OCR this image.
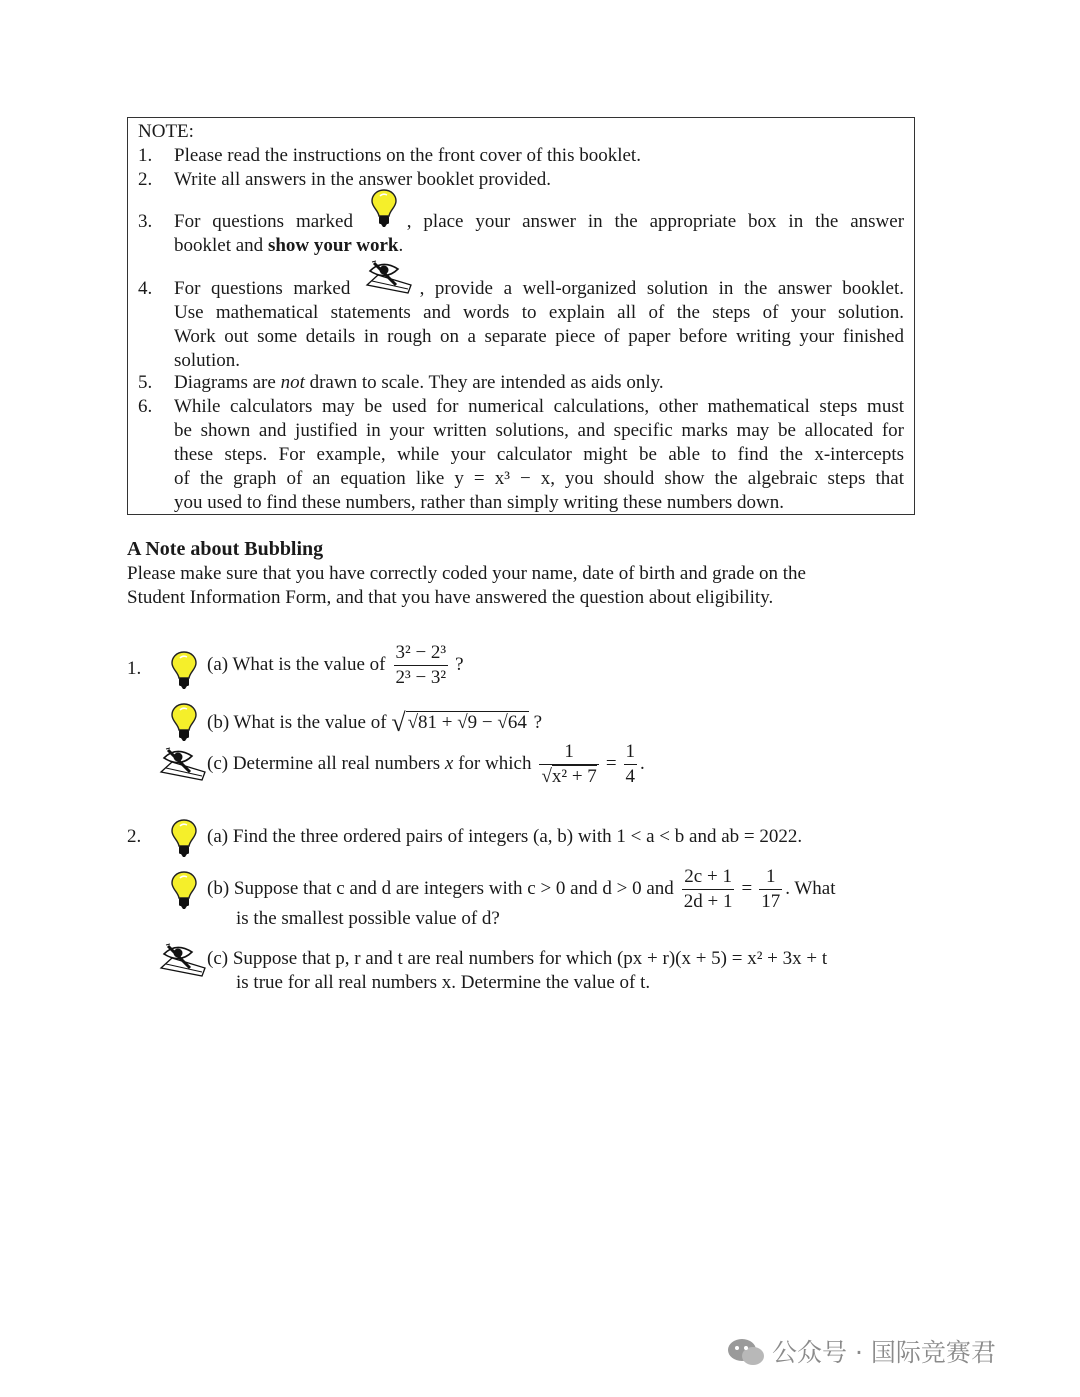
NOTE:
1. Please read the instructions on the front cover of this booklet.
2. Write all answers in the answer booklet provided.
3. For questions marked	, place your answer in the appropriate box in the answer
booklet and show your work.
4. For questions marked	, provide a well-organized solution in the answer booklet.
Use mathematical statements and words to explain all of the steps of your solution.
Work out some details in rough on a separate piece of paper before writing your finished
solution.
5. Diagrams are not drawn to scale. They are intended as aids only.
6. While calculators may be used for numerical calculations, other mathematical steps must
be shown and justified in your written solutions, and specific marks may be allocated for
these steps. For example, while your calculator might be able to find the x-intercepts
of the graph of an equation like y = x³ − x, you should show the algebraic steps that
you used to find these numbers, rather than simply writing these numbers down.
A Note about Bubbling
Please make sure that you have correctly coded your name, date of birth and grade on the
Student Information Form, and that you have answered the question about eligibility.
1.	(a) What is the value of $\frac{\text{3² − 2³}}{\text{2³ − 3²}}$ ?
(b) What is the value of √ √81 + √9 − √64 ?
(c) Determine all real numbers
x
for which $\frac{1}{\text{√x² + 7}} = \frac{1}{4}$ .
2.	(a) Find the three ordered pairs of integers (a, b) with 1 < a < b and ab = 2022.
(b) Suppose that c and d are integers with c > 0 and d > 0 and $\frac{2c + 1}{2d + 1} = \frac{1}{17}$ . What
is the smallest possible value of d?
(c) Suppose that p, r and t are real numbers for which (px + r)(x + 5) = x² + 3x + t
is true for all real numbers x. Determine the value of t.
公众号 · 国际竞赛君
